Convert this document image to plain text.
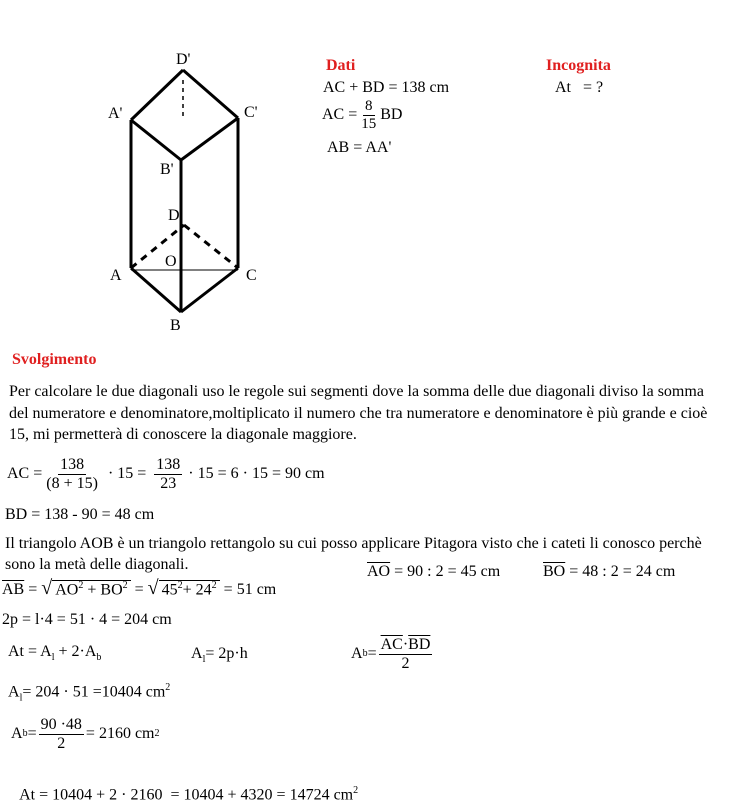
D'
A'	C'
B'
D
A
O
C
B
Dati
AC + BD = 138 cm
AC = $\frac{8}{15}$ BD
AB = AA'
Incognita
At   = ?
Svolgimento
Per calcolare le due diagonali uso le regole sui segmenti dove la somma delle due diagonali diviso la somma del numeratore e denominatore,moltiplicato il numero che tra numeratore e denominatore è più grande e cioè 15, mi permetterà di conoscere la diagonale maggiore.
AC = $\frac{138}{(8 + 15)} \cdot 15 = \frac{138}{23} \cdot 15 = 6 \cdot 15 = 90$ cm
BD = 138 - 90 = 48 cm
Il triangolo AOB è un triangolo rettangolo su cui posso applicare Pitagora visto che i cateti li conosco perchè sono la metà delle diagonali.	$\overline{AO} = 90$ : 2 = 45 cm	$\overline{BO} = 48$ : 2 = 24 cm
$\overline{AB}$ = √ $AO^2 + \overline{BO}^2$ = √ $45^2+ 24^2 = 51$ cm
2p = l·4 = 51 · 4 = 204 cm
$At = A_l + 2\cdot A_b$	$A_l= 2p\cdot h$	A $b = \frac{\overline{AC}\cdot\overline{BD}}{2}$
$A_l= 204 \cdot 51 =10404$ $cm^2$
A $b = \frac{90 \cdot 48}{2} = 2160$ cm 2

At = 10404 + 2 · 2160  = 10404 + 4320 = 14724 $cm^2$
